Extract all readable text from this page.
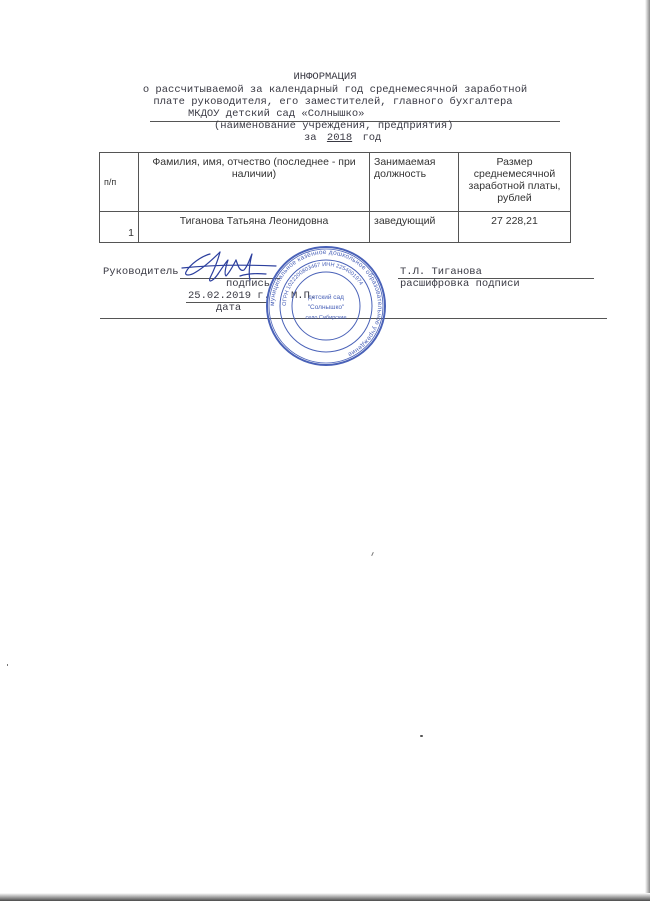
ИНФОРМАЦИЯ
о рассчитываемой за календарный год среднемесячной заработной
плате руководителя, его заместителей, главного бухгалтера
МКДОУ детский сад «Солнышко»
(наименование учреждения, предприятия)
за 2018 год
п/п	Фамилия, имя, отчество (последнее - при наличии)	Занимаемая должность	Размер среднемесячной заработной платы, рублей
1	Тиганова Татьяна Леонидовна	заведующий	27 228,21
Руководитель
подпись
Т.Л. Тиганова
расшифровка подписи
25.02.2019 г. М.П.
дата	муниципальное казённое дошкольное образовательное учреждение
ОГРН 1022200803467 ИНН 2254001974
детский сад
"Солнышко"
село Сибирские
